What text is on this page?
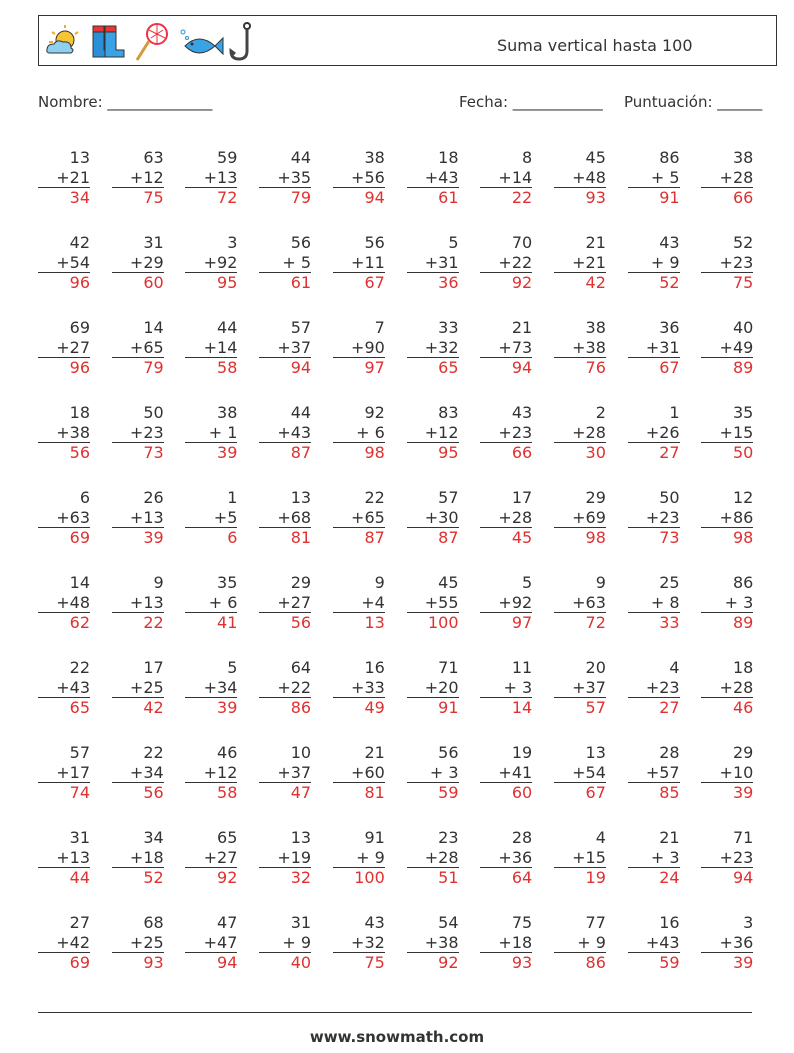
Suma vertical hasta 100
Nombre: ______________	Fecha: ____________ Puntuación: ______
13
+21
34
63
+12
75
59
+13
72
44
+35
79
38
+56
94
18
+43
61
8
+14
22
45
+48
93
86
+ 5
91
38
+28
66
42
+54
96
31
+29
60
3
+92
95
56
+ 5
61
56
+11
67
5
+31
36
70
+22
92
21
+21
42
43
+ 9
52
52
+23
75
69
+27
96
14
+65
79
44
+14
58
57
+37
94
7
+90
97
33
+32
65
21
+73
94
38
+38
76
36
+31
67
40
+49
89
18
+38
56
50
+23
73
38
+ 1
39
44
+43
87
92
+ 6
98
83
+12
95
43
+23
66
2
+28
30
1
+26
27
35
+15
50
6
+63
69
26
+13
39
1
+5
6
13
+68
81
22
+65
87
57
+30
87
17
+28
45
29
+69
98
50
+23
73
12
+86
98
14
+48
62
9
+13
22
35
+ 6
41
29
+27
56
9
+4
13
45
+55
100
5
+92
97
9
+63
72
25
+ 8
33
86
+ 3
89
22
+43
65
17
+25
42
5
+34
39
64
+22
86
16
+33
49
71
+20
91
11
+ 3
14
20
+37
57
4
+23
27
18
+28
46
57
+17
74
22
+34
56
46
+12
58
10
+37
47
21
+60
81
56
+ 3
59
19
+41
60
13
+54
67
28
+57
85
29
+10
39
31
+13
44
34
+18
52
65
+27
92
13
+19
32
91
+ 9
100
23
+28
51
28
+36
64
4
+15
19
21
+ 3
24
71
+23
94
27
+42
69
68
+25
93
47
+47
94
31
+ 9
40
43
+32
75
54
+38
92
75
+18
93
77
+ 9
86
16
+43
59
3
+36
39
www.snowmath.com
